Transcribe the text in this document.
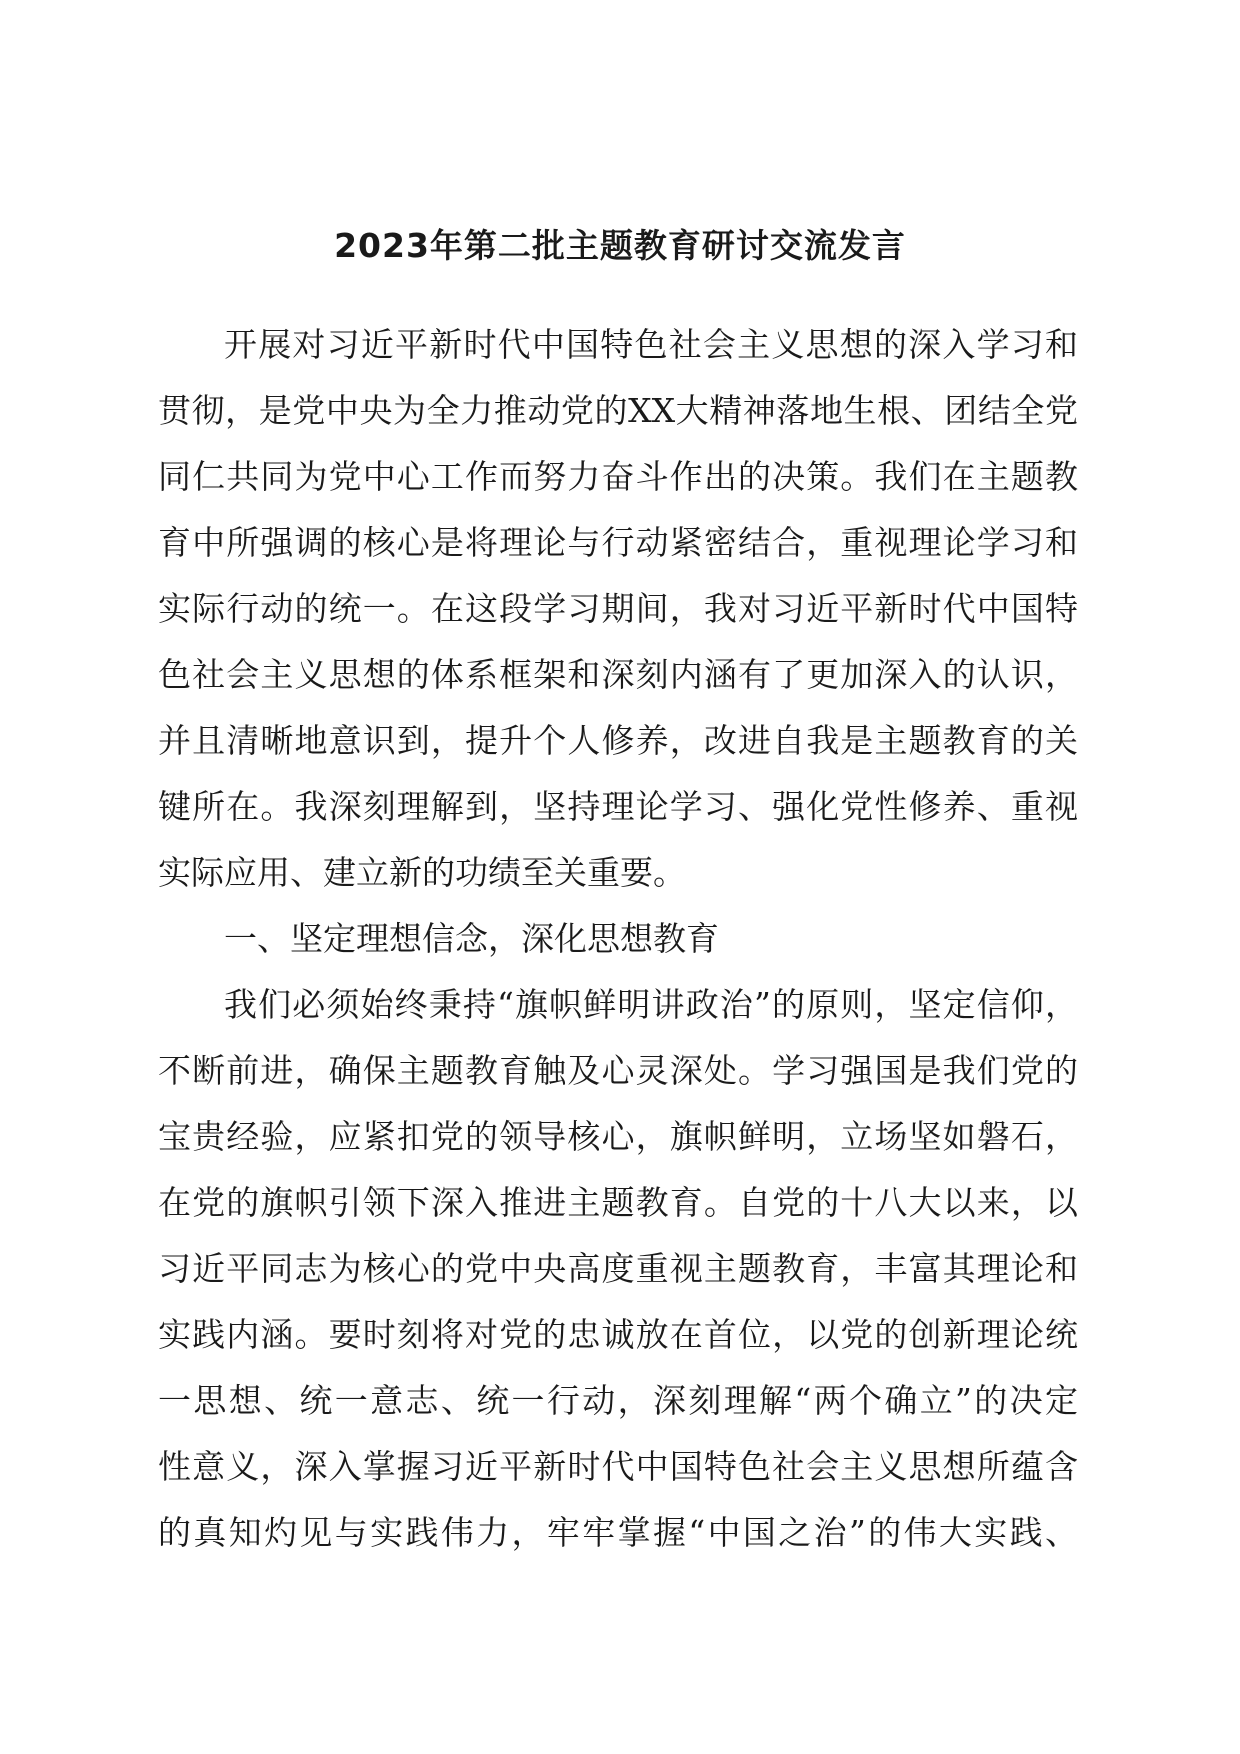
2023年第二批主题教育研讨交流发言
开展对习近平新时代中国特色社会主义思想的深入学习和
贯彻，是党中央为全力推动党的XX大精神落地生根、团结全党
同仁共同为党中心工作而努力奋斗作出的决策。我们在主题教
育中所强调的核心是将理论与行动紧密结合，重视理论学习和
实际行动的统一。在这段学习期间，我对习近平新时代中国特
色社会主义思想的体系框架和深刻内涵有了更加深入的认识，
并且清晰地意识到，提升个人修养，改进自我是主题教育的关
键所在。我深刻理解到，坚持理论学习、强化党性修养、重视
实际应用、建立新的功绩至关重要。
一、坚定理想信念，深化思想教育
我们必须始终秉持“旗帜鲜明讲政治”的原则，坚定信仰，
不断前进，确保主题教育触及心灵深处。学习强国是我们党的
宝贵经验，应紧扣党的领导核心，旗帜鲜明，立场坚如磐石，
在党的旗帜引领下深入推进主题教育。自党的十八大以来，以
习近平同志为核心的党中央高度重视主题教育，丰富其理论和
实践内涵。要时刻将对党的忠诚放在首位，以党的创新理论统
一思想、统一意志、统一行动，深刻理解“两个确立”的决定
性意义，深入掌握习近平新时代中国特色社会主义思想所蕴含
的真知灼见与实践伟力，牢牢掌握“中国之治”的伟大实践、
